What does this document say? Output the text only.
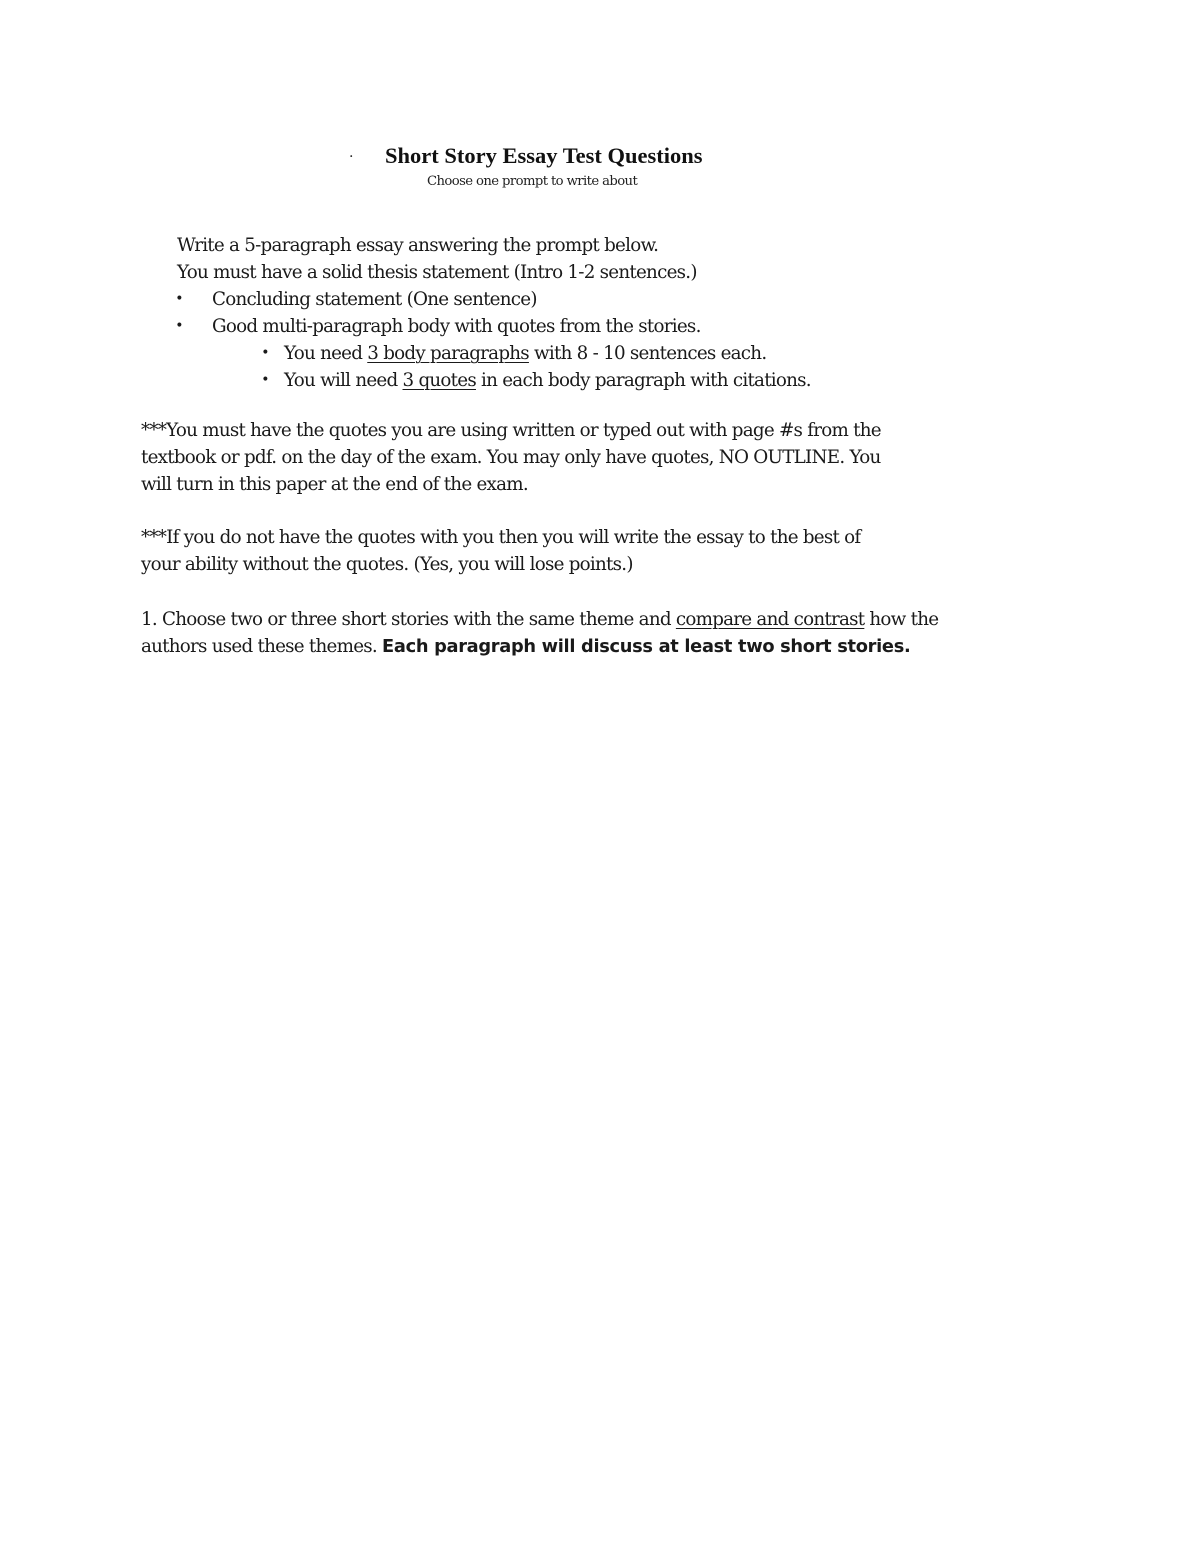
. Short Story Essay Test Questions
Choose one prompt to write about
Write a 5-paragraph essay answering the prompt below.
You must have a solid thesis statement (Intro 1-2 sentences.)
• Concluding statement (One sentence)
• Good multi-paragraph body with quotes from the stories.
• You need 3 body paragraphs with 8 - 10 sentences each.
• You will need 3 quotes in each body paragraph with citations.
***You must have the quotes you are using written or typed out with page #s from the
textbook or pdf. on the day of the exam. You may only have quotes, NO OUTLINE. You
will turn in this paper at the end of the exam.
***If you do not have the quotes with you then you will write the essay to the best of
your ability without the quotes. (Yes, you will lose points.)
1. Choose two or three short stories with the same theme and compare and contrast how the
authors used these themes. Each paragraph will discuss at least two short stories.
